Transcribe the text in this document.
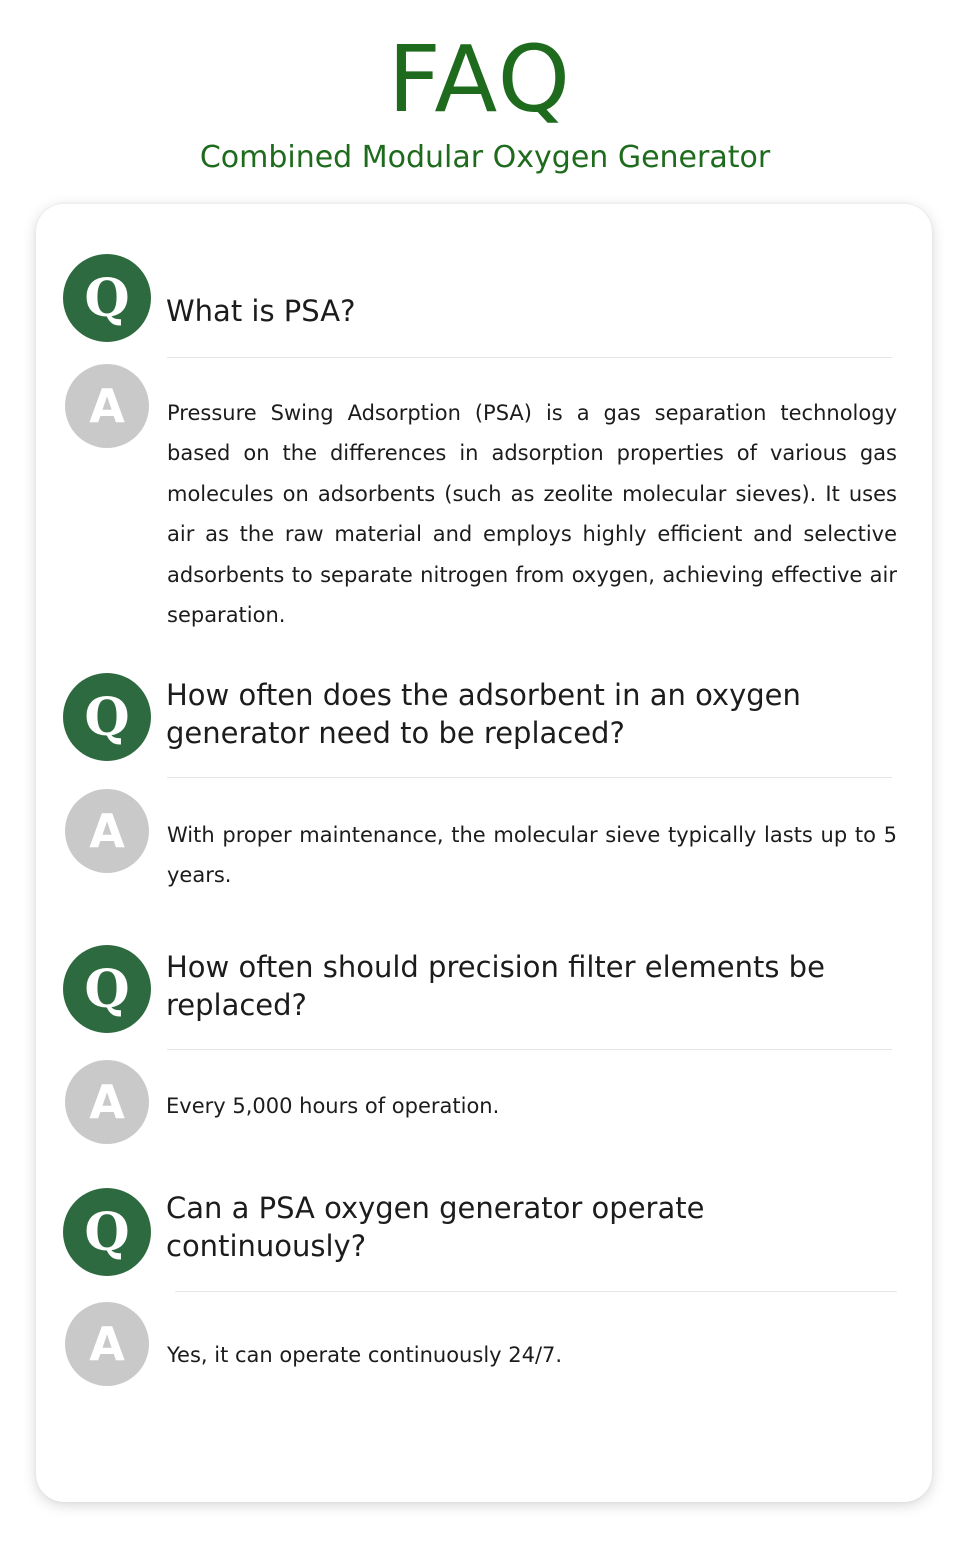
FAQ
Combined Modular Oxygen Generator
Q	What is PSA?
A	Pressure Swing Adsorption (PSA) is a gas separation technology based on the differences in adsorption properties of various gas molecules on adsorbents (such as zeolite molecular sieves). It uses air as the raw material and employs highly efficient and selective adsorbents to separate nitrogen from oxygen, achieving effective air separation.
Q	How often does the adsorbent in an oxygen generator need to be replaced?
A	With proper maintenance, the molecular sieve typically lasts up to 5 years.
Q	How often should precision filter elements be replaced?
A	Every 5,000 hours of operation.
Q	Can a PSA oxygen generator operate continuously?
A	Yes, it can operate continuously 24/7.
